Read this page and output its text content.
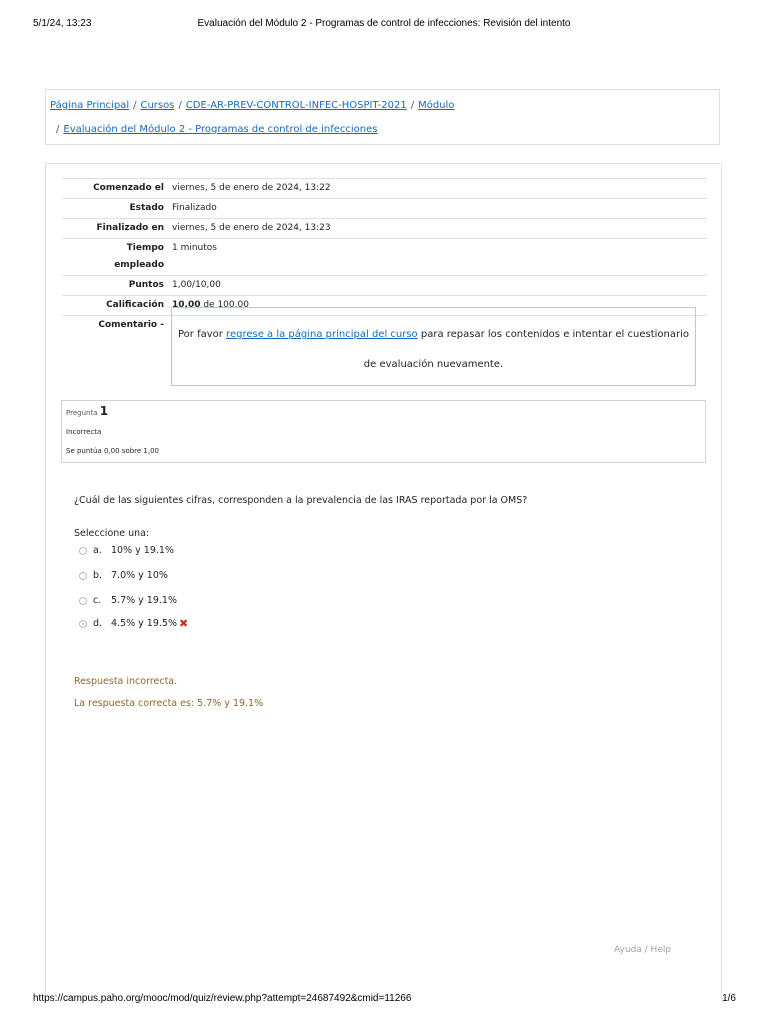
5/1/24, 13:23	Evaluación del Módulo 2 - Programas de control de infecciones: Revisión del intento
Página Principal / Cursos / CDE-AR-PREV-CONTROL-INFEC-HOSPIT-2021 / Módulo
/ Evaluación del Módulo 2 - Programas de control de infecciones
Comenzado el	viernes, 5 de enero de 2024, 13:22
Estado	Finalizado
Finalizado en	viernes, 5 de enero de 2024, 13:23
Tiempo
empleado	1 minutos
Puntos	1,00/10,00
Calificación	10,00 de 100,00
Comentario -	
Por favor regrese a la página principal del curso para repasar los contenidos e intentar el cuestionario
de evaluación nuevamente.
Pregunta 1
Incorrecta
Se puntúa 0,00 sobre 1,00
¿Cuál de las siguientes cifras, corresponden a la prevalencia de las IRAS reportada por la OMS?
Seleccione una:
a. 10% y 19.1%
b. 7.0% y 10%
c.	5.7% y 19.1%
d. 4.5% y 19.5% ✖
Respuesta incorrecta.
La respuesta correcta es: 5.7% y 19.1%
Ayuda / Help
https://campus.paho.org/mooc/mod/quiz/review.php?attempt=24687492&cmid=11266	1/6
